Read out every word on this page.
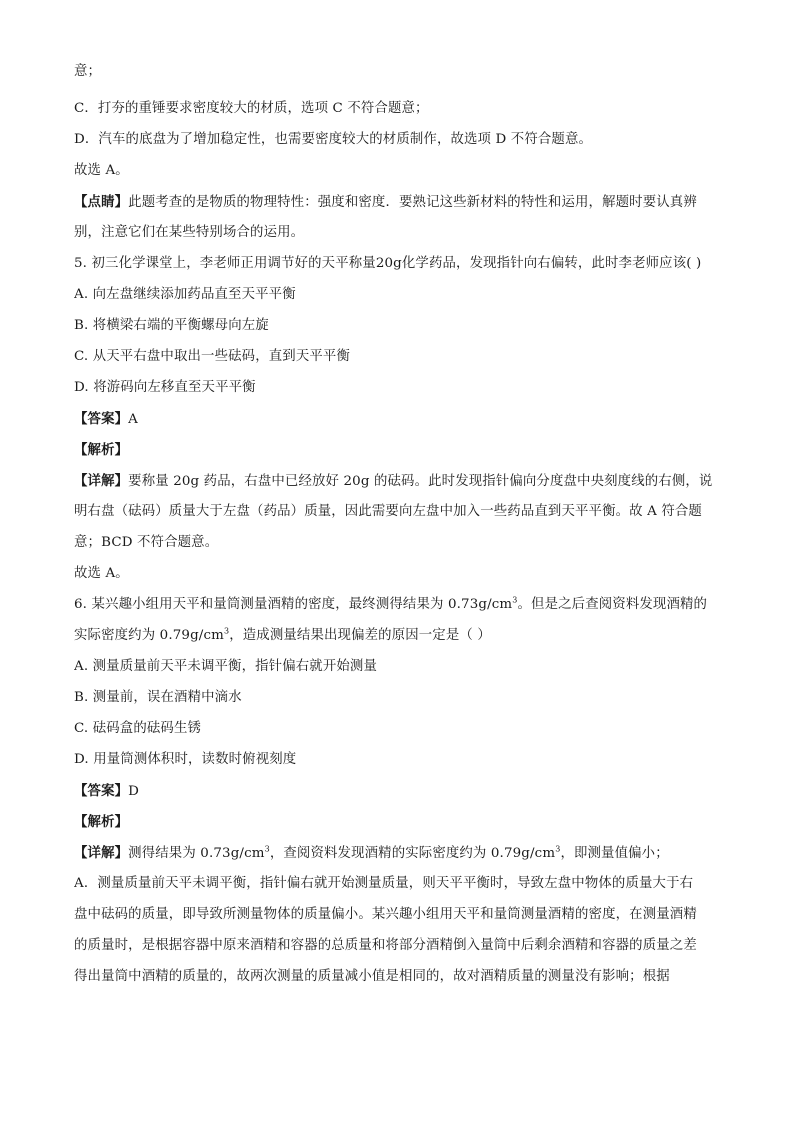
意；
C．打夯的重锤要求密度较大的材质，选项 C 不符合题意；
D．汽车的底盘为了增加稳定性，也需要密度较大的材质制作，故选项 D 不符合题意。
故选 A。
【点睛】此题考查的是物质的物理特性：强度和密度．要熟记这些新材料的特性和运用，解题时要认真辨
别，注意它们在某些特别场合的运用。
5. 初三化学课堂上，李老师正用调节好的天平称量20g化学药品，发现指针向右偏转，此时李老师应该( )
A. 向左盘继续添加药品直至天平平衡
B. 将横梁右端的平衡螺母向左旋
C. 从天平右盘中取出一些砝码，直到天平平衡
D. 将游码向左移直至天平平衡
【答案】A
【解析】
【详解】要称量 20g 药品，右盘中已经放好 20g 的砝码。此时发现指针偏向分度盘中央刻度线的右侧，说
明右盘（砝码）质量大于左盘（药品）质量，因此需要向左盘中加入一些药品直到天平平衡。故 A 符合题
意；BCD 不符合题意。
故选 A。
6. 某兴趣小组用天平和量筒测量酒精的密度，最终测得结果为 $0.73g/cm^3$。但是之后查阅资料发现酒精的
实际密度约为 $0.79g/cm^3$，造成测量结果出现偏差的原因一定是（ ）
A. 测量质量前天平未调平衡，指针偏右就开始测量
B. 测量前，误在酒精中滴水
C. 砝码盒的砝码生锈
D. 用量筒测体积时，读数时俯视刻度
【答案】D
【解析】
【详解】测得结果为 $0.73g/cm^3$，查阅资料发现酒精的实际密度约为 $0.79g/cm^3$，即测量值偏小；
A．测量质量前天平未调平衡，指针偏右就开始测量质量，则天平平衡时，导致左盘中物体的质量大于右
盘中砝码的质量，即导致所测量物体的质量偏小。某兴趣小组用天平和量筒测量酒精的密度，在测量酒精
的质量时，是根据容器中原来酒精和容器的总质量和将部分酒精倒入量筒中后剩余酒精和容器的质量之差
得出量筒中酒精的质量的，故两次测量的质量减小值是相同的，故对酒精质量的测量没有影响；根据
